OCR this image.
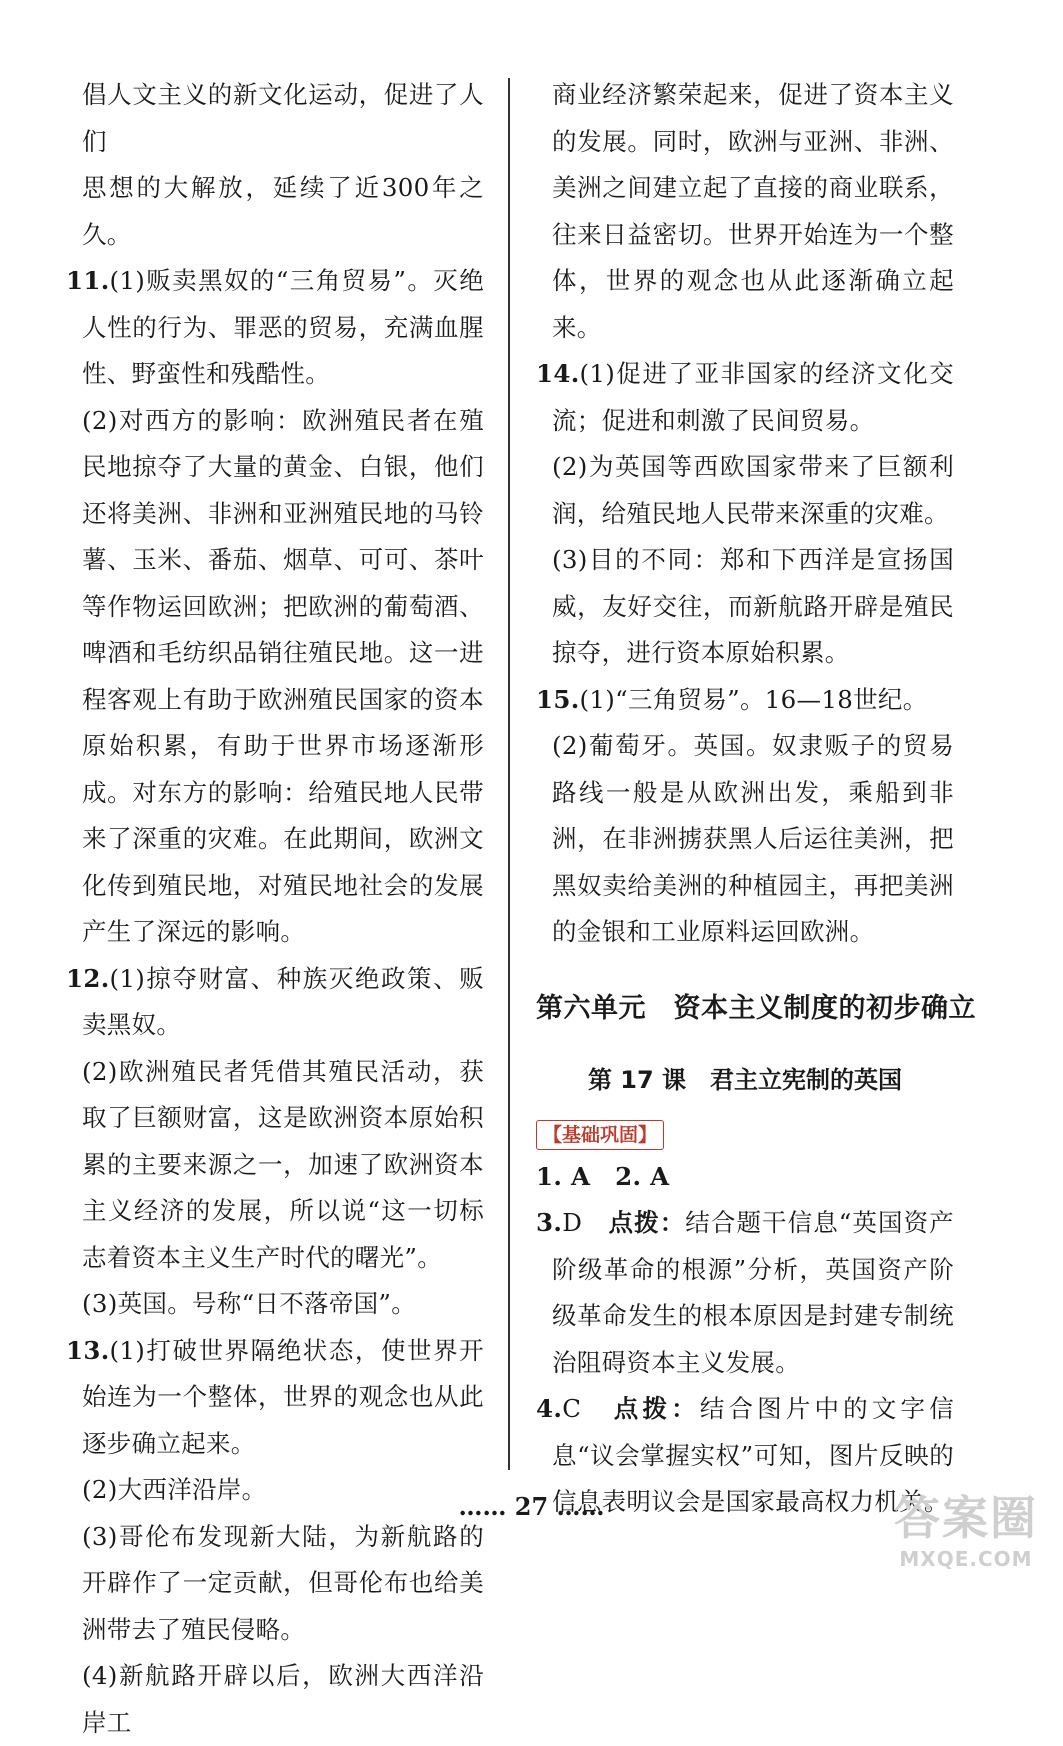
倡人文主义的新文化运动，促进了人们

思想的大解放，延续了近300年之久。

11.(1)贩卖黑奴的“三角贸易”。灭绝人性的行为、罪恶的贸易，充满血腥性、野蛮性和残酷性。

(2)对西方的影响：欧洲殖民者在殖民地掠夺了大量的黄金、白银，他们还将美洲、非洲和亚洲殖民地的马铃薯、玉米、番茄、烟草、可可、茶叶等作物运回欧洲；把欧洲的葡萄酒、啤酒和毛纺织品销往殖民地。这一进程客观上有助于欧洲殖民国家的资本原始积累，有助于世界市场逐渐形成。对东方的影响：给殖民地人民带来了深重的灾难。在此期间，欧洲文化传到殖民地，对殖民地社会的发展产生了深远的影响。

12.(1)掠夺财富、种族灭绝政策、贩卖黑奴。

(2)欧洲殖民者凭借其殖民活动，获取了巨额财富，这是欧洲资本原始积累的主要来源之一，加速了欧洲资本主义经济的发展，所以说“这一切标志着资本主义生产时代的曙光”。

(3)英国。号称“日不落帝国”。

13.(1)打破世界隔绝状态，使世界开始连为一个整体，世界的观念也从此逐步确立起来。

(2)大西洋沿岸。

(3)哥伦布发现新大陆，为新航路的开辟作了一定贡献，但哥伦布也给美洲带去了殖民侵略。

(4)新航路开辟以后，欧洲大西洋沿岸工

商业经济繁荣起来，促进了资本主义的发展。同时，欧洲与亚洲、非洲、美洲之间建立起了直接的商业联系，往来日益密切。世界开始连为一个整体，世界的观念也从此逐渐确立起来。

14.(1)促进了亚非国家的经济文化交流；促进和刺激了民间贸易。

(2)为英国等西欧国家带来了巨额利润，给殖民地人民带来深重的灾难。

(3)目的不同：郑和下西洋是宣扬国威，友好交往，而新航路开辟是殖民掠夺，进行资本原始积累。

15.(1)“三角贸易”。16—18世纪。

(2)葡萄牙。英国。奴隶贩子的贸易路线一般是从欧洲出发，乘船到非洲，在非洲掳获黑人后运往美洲，把黑奴卖给美洲的种植园主，再把美洲的金银和工业原料运回欧洲。

第六单元　资本主义制度的初步确立
第 17 课　君主立宪制的英国
【基础巩固】

1. A　2. A

3.D　 点拨：结合题干信息“英国资产阶级革命的根源”分析，英国资产阶级革命发生的根本原因是封建专制统治阻碍资本主义发展。

4.C　 点拨：结合图片中的文字信息“议会掌握实权”可知，图片反映的信息表明议会是国家最高权力机关。

…… 27 ……	答案圈
MXQE.COM
